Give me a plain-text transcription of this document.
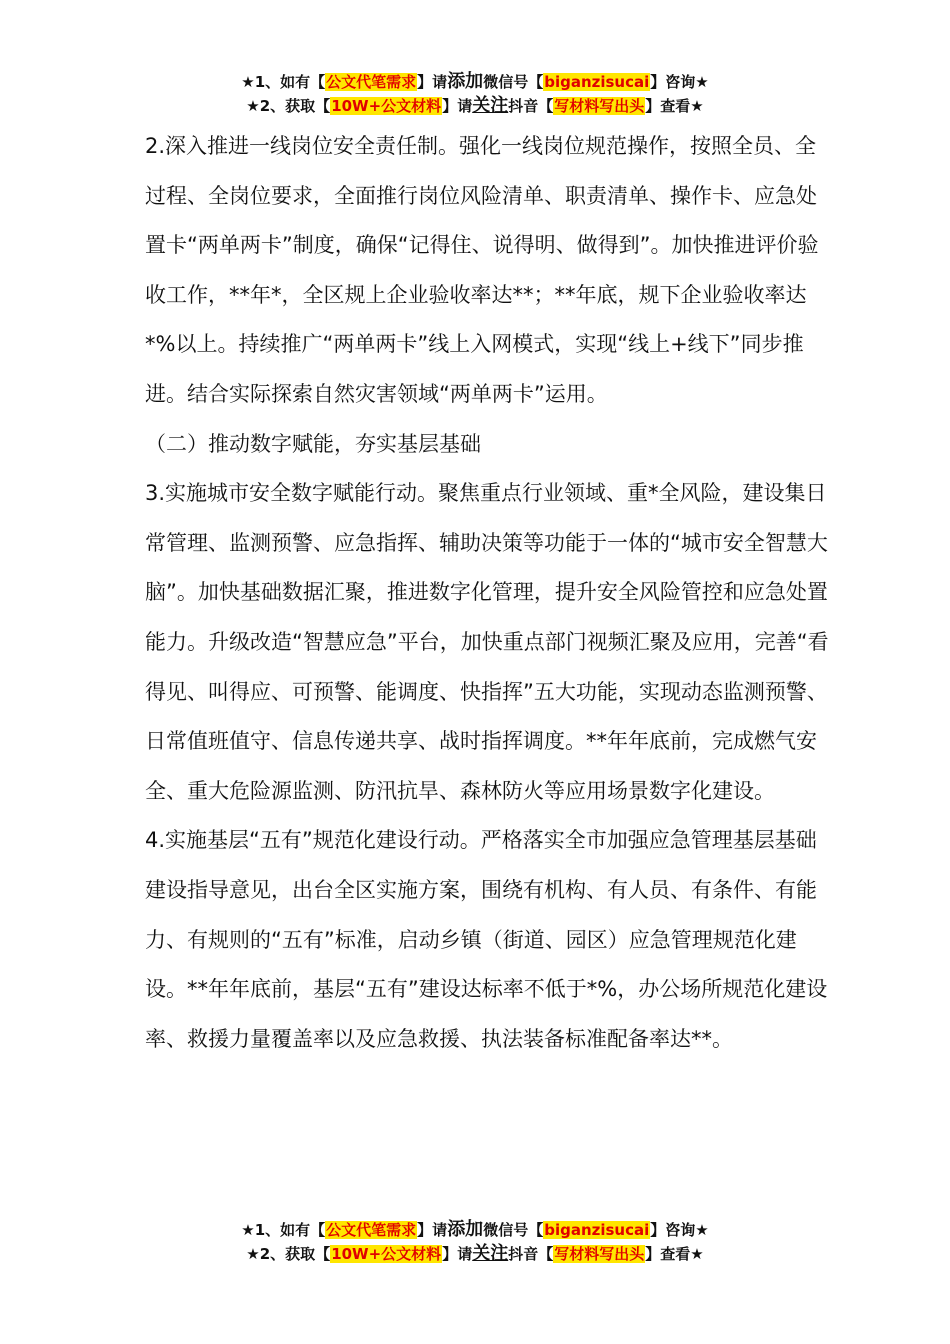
★1、如有【公文代笔需求】请添加微信号【biganzisucai】咨询★
★2、获取【10W+公文材料】请关注抖音【写材料写出头】查看★

2.深入推进一线岗位安全责任制。强化一线岗位规范操作，按照全员、全过程、全岗位要求，全面推行岗位风险清单、职责清单、操作卡、应急处置卡“两单两卡”制度，确保“记得住、说得明、做得到”。加快推进评价验收工作，**年*，全区规上企业验收率达**；**年底，规下企业验收率达*%以上。持续推广“两单两卡”线上入网模式，实现“线上+线下”同步推进。结合实际探索自然灾害领域“两单两卡”运用。

（二）推动数字赋能，夯实基层基础

3.实施城市安全数字赋能行动。聚焦重点行业领域、重*全风险，建设集日常管理、监测预警、应急指挥、辅助决策等功能于一体的“城市安全智慧大脑”。加快基础数据汇聚，推进数字化管理，提升安全风险管控和应急处置能力。升级改造“智慧应急”平台，加快重点部门视频汇聚及应用，完善“看得见、叫得应、可预警、能调度、快指挥”五大功能，实现动态监测预警、日常值班值守、信息传递共享、战时指挥调度。**年年底前，完成燃气安全、重大危险源监测、防汛抗旱、森林防火等应用场景数字化建设。

4.实施基层“五有”规范化建设行动。严格落实全市加强应急管理基层基础建设指导意见，出台全区实施方案，围绕有机构、有人员、有条件、有能力、有规则的“五有”标准，启动乡镇（街道、园区）应急管理规范化建设。**年年底前，基层“五有”建设达标率不低于*%，办公场所规范化建设率、救援力量覆盖率以及应急救援、执法装备标准配备率达**。

★1、如有【公文代笔需求】请添加微信号【biganzisucai】咨询★
★2、获取【10W+公文材料】请关注抖音【写材料写出头】查看★
